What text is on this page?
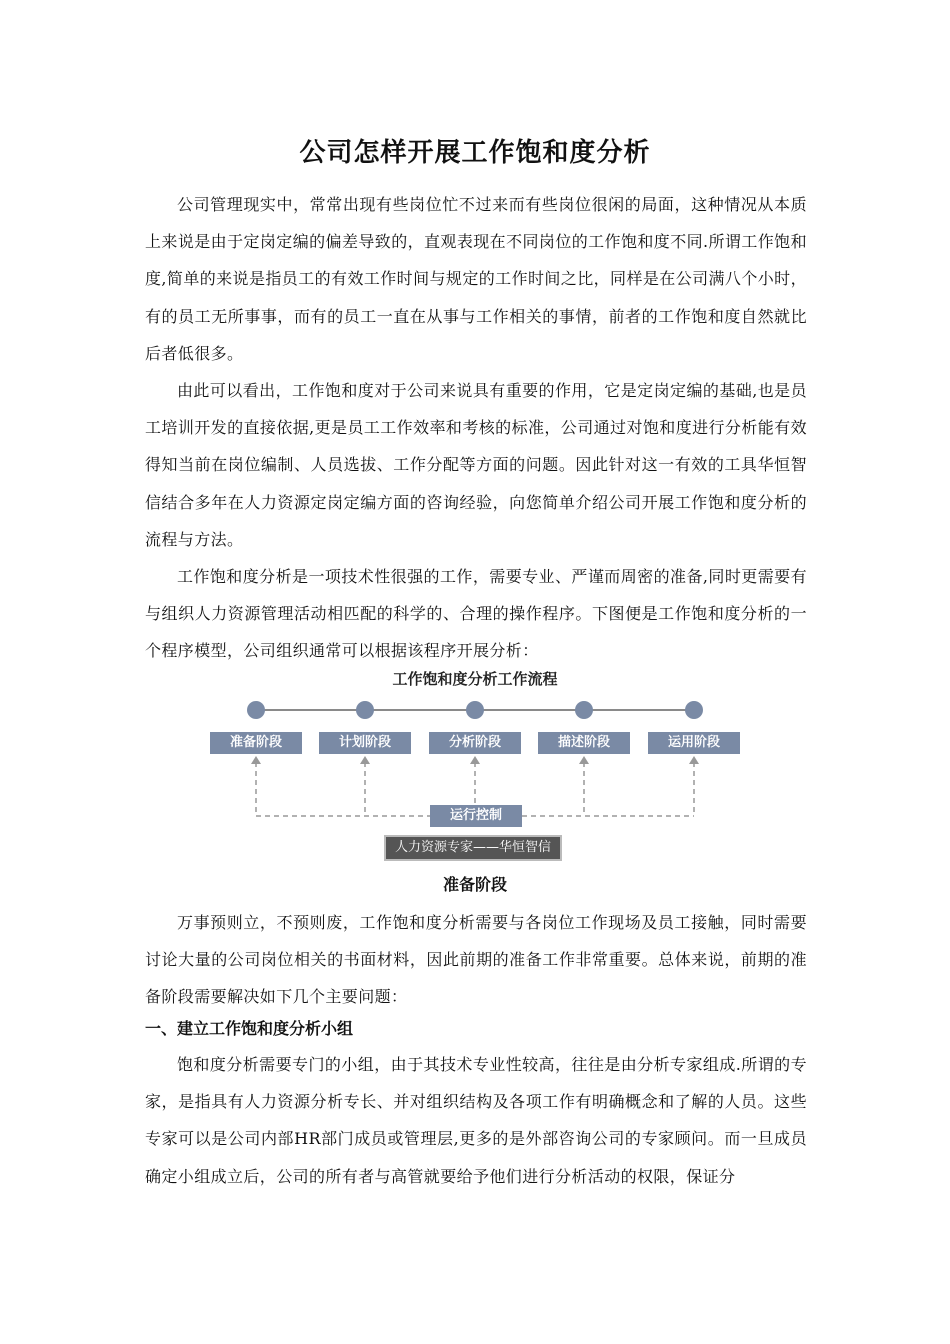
公司怎样开展工作饱和度分析

公司管理现实中，常常出现有些岗位忙不过来而有些岗位很闲的局面，这种情况从本质上来说是由于定岗定编的偏差导致的，直观表现在不同岗位的工作饱和度不同.所谓工作饱和度,简单的来说是指员工的有效工作时间与规定的工作时间之比，同样是在公司满八个小时，有的员工无所事事，而有的员工一直在从事与工作相关的事情，前者的工作饱和度自然就比后者低很多。

由此可以看出，工作饱和度对于公司来说具有重要的作用，它是定岗定编的基础,也是员工培训开发的直接依据,更是员工工作效率和考核的标准，公司通过对饱和度进行分析能有效得知当前在岗位编制、人员选拔、工作分配等方面的问题。因此针对这一有效的工具华恒智信结合多年在人力资源定岗定编方面的咨询经验，向您简单介绍公司开展工作饱和度分析的流程与方法。

工作饱和度分析是一项技术性很强的工作，需要专业、严谨而周密的准备,同时更需要有与组织人力资源管理活动相匹配的科学的、合理的操作程序。下图便是工作饱和度分析的一个程序模型，公司组织通常可以根据该程序开展分析：

工作饱和度分析工作流程
准备阶段	计划阶段	分析阶段	描述阶段	运用阶段
运行控制
人力资源专家——华恒智信
准备阶段

万事预则立，不预则废，工作饱和度分析需要与各岗位工作现场及员工接触，同时需要讨论大量的公司岗位相关的书面材料，因此前期的准备工作非常重要。总体来说，前期的准备阶段需要解决如下几个主要问题：

一、建立工作饱和度分析小组

饱和度分析需要专门的小组，由于其技术专业性较高，往往是由分析专家组成.所谓的专家，是指具有人力资源分析专长、并对组织结构及各项工作有明确概念和了解的人员。这些专家可以是公司内部HR部门成员或管理层,更多的是外部咨询公司的专家顾问。而一旦成员确定小组成立后，公司的所有者与高管就要给予他们进行分析活动的权限，保证分
